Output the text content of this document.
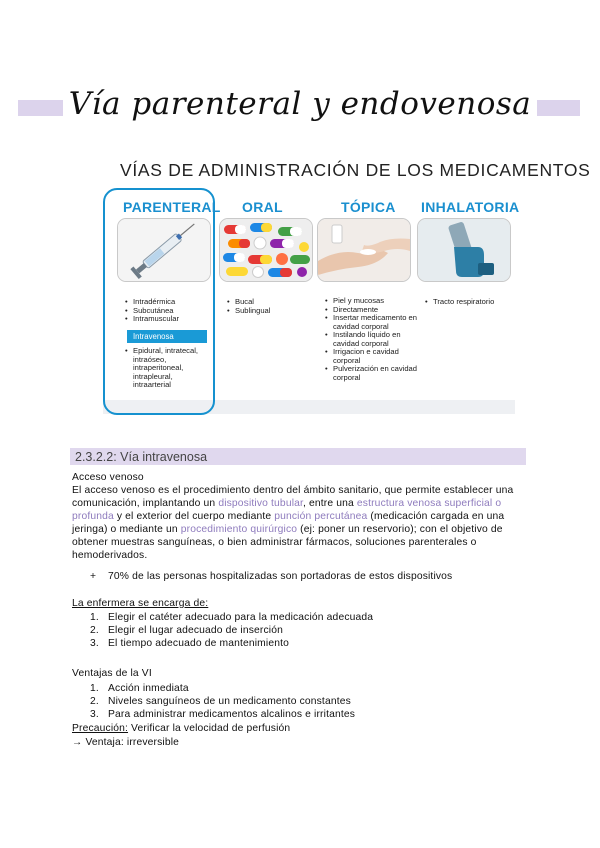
Vía parenteral y endovenosa
VÍAS DE ADMINISTRACIÓN DE LOS MEDICAMENTOS
PARENTERAL
• Intradérmica
• Subcutánea
• Intramuscular
Intravenosa
• Epidural, intratecal, intraóseo, intraperitoneal, intrapleural, intraarterial
ORAL
• Bucal
• Sublingual
TÓPICA
• Piel y mucosas
• Directamente
• Insertar medicamento en cavidad corporal
• Instilando líquido en cavidad corporal
• Irrigacion e cavidad corporal
• Pulverización en cavidad corporal
INHALATORIA
• Tracto respiratorio
2.3.2.2: Vía intravenosa
Acceso venoso
El acceso venoso es el procedimiento dentro del ámbito sanitario, que permite establecer una comunicación, implantando un dispositivo tubular, entre una estructura venosa superficial o profunda y el exterior del cuerpo mediante punción percutánea (medicación cargada en una jeringa) o mediante un procedimiento quirúrgico (ej: poner un reservorio); con el objetivo de obtener muestras sanguíneas, o bien administrar fármacos, soluciones parenterales o hemoderivados.
+ 70% de las personas hospitalizadas son portadoras de estos dispositivos
La enfermera se encarga de:
1. Elegir el catéter adecuado para la medicación adecuada
2. Elegir el lugar adecuado de inserción
3. El tiempo adecuado de mantenimiento
Ventajas de la VI
1. Acción inmediata
2. Niveles sanguíneos de un medicamento constantes
3. Para administrar medicamentos alcalinos e irritantes
Precaución: Verificar la velocidad de perfusión
→ Ventaja: irreversible
